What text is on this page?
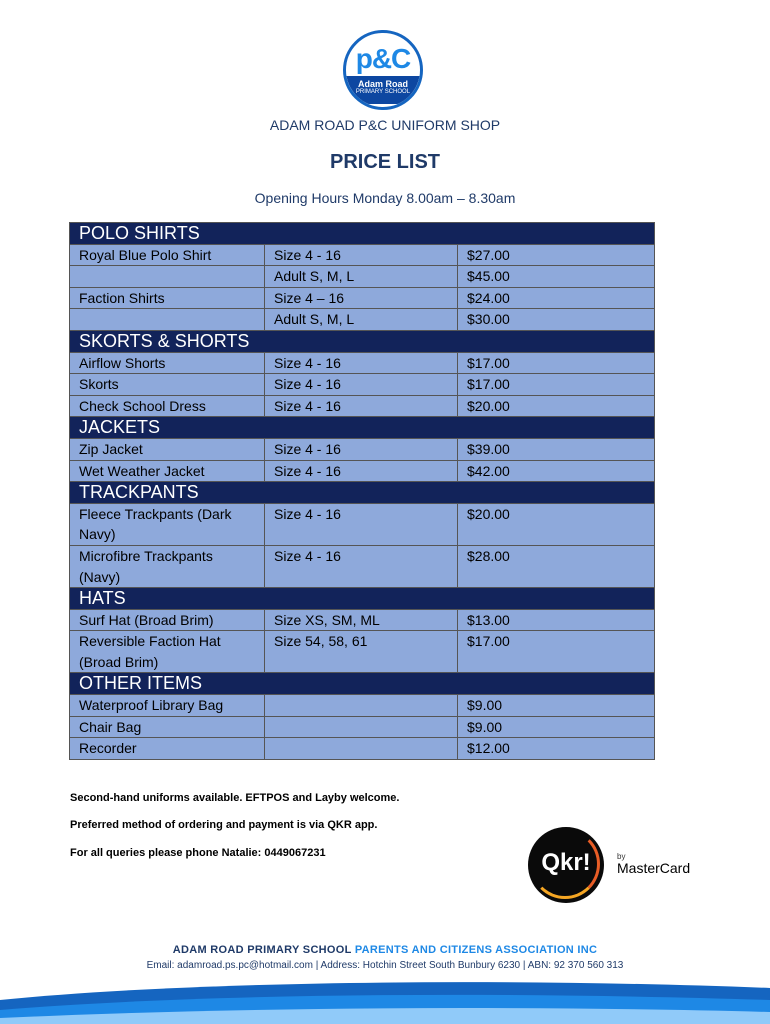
p&C
Adam Road
PRIMARY SCHOOL
ADAM ROAD P&C UNIFORM SHOP
PRICE LIST
Opening Hours Monday 8.00am – 8.30am
POLO SHIRTS		
Royal Blue Polo Shirt	Size 4 - 16	$27.00
	Adult S, M, L	$45.00
Faction Shirts	Size 4 – 16	$24.00
	Adult S, M, L	$30.00
SKORTS & SHORTS		
Airflow Shorts	Size 4 - 16	$17.00
Skorts	Size 4 - 16	$17.00
Check School Dress	Size 4 - 16	$20.00
JACKETS		
Zip Jacket	Size 4 - 16	$39.00
Wet Weather Jacket	Size 4 - 16	$42.00
TRACKPANTS		
Fleece Trackpants (Dark Navy)	Size 4 - 16	$20.00
Microfibre Trackpants (Navy)	Size 4 - 16	$28.00
HATS		
Surf Hat (Broad Brim)	Size XS, SM, ML	$13.00
Reversible Faction Hat (Broad Brim)	Size 54, 58, 61	$17.00
OTHER ITEMS		
Waterproof Library Bag		$9.00
Chair Bag		$9.00
Recorder		$12.00
Second-hand uniforms available. EFTPOS and Layby welcome.
Preferred method of ordering and payment is via QKR app.
For all queries please phone Natalie: 0449067231	Qkr!	by
MasterCard
ADAM ROAD PRIMARY SCHOOL PARENTS AND CITIZENS ASSOCIATION INC
Email: adamroad.ps.pc@hotmail.com | Address: Hotchin Street South Bunbury 6230 | ABN: 92 370 560 313
